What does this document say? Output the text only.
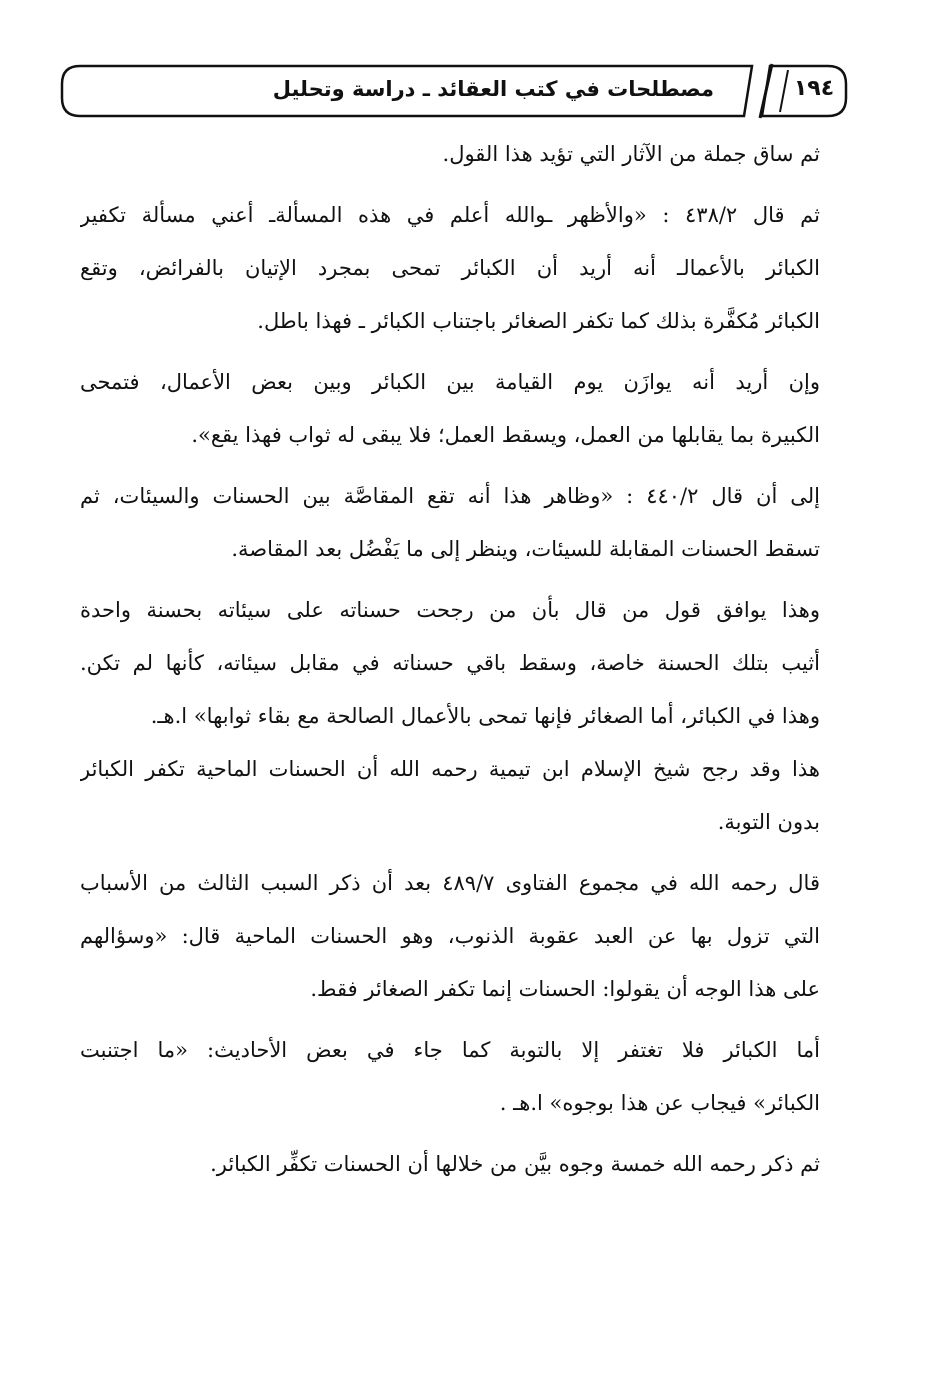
مصطلحات في كتب العقائد ـ دراسة وتحليل	١٩٤
ثم ساق جملة من الآثار التي تؤيد هذا القول.
ثم قال ٤٣٨/٢ : «والأظهر ـوالله أعلم في هذه المسألةـ أعني مسألة تكفير
الكبائر بالأعمالـ أنه أريد أن الكبائر تمحى بمجرد الإتيان بالفرائض، وتقع
الكبائر مُكفَّرة بذلك كما تكفر الصغائر باجتناب الكبائر ـ فهذا باطل.
وإن أريد أنه يوازَن يوم القيامة بين الكبائر وبين بعض الأعمال، فتمحى
الكبيرة بما يقابلها من العمل، ويسقط العمل؛ فلا يبقى له ثواب فهذا يقع».
إلى أن قال ٤٤٠/٢ : «وظاهر هذا أنه تقع المقاصَّة بين الحسنات والسيئات، ثم
تسقط الحسنات المقابلة للسيئات، وينظر إلى ما يَفْضُل بعد المقاصة.
وهذا يوافق قول من قال بأن من رجحت حسناته على سيئاته بحسنة واحدة
أثيب بتلك الحسنة خاصة، وسقط باقي حسناته في مقابل سيئاته، كأنها لم تكن.
وهذا في الكبائر، أما الصغائر فإنها تمحى بالأعمال الصالحة مع بقاء ثوابها» ا.هـ.
هذا وقد رجح شيخ الإسلام ابن تيمية رحمه الله أن الحسنات الماحية تكفر الكبائر
بدون التوبة.
قال رحمه الله في مجموع الفتاوى ٤٨٩/٧ بعد أن ذكر السبب الثالث من الأسباب
التي تزول بها عن العبد عقوبة الذنوب، وهو الحسنات الماحية قال: «وسؤالهم
على هذا الوجه أن يقولوا: الحسنات إنما تكفر الصغائر فقط.
أما الكبائر فلا تغتفر إلا بالتوبة كما جاء في بعض الأحاديث: «ما اجتنبت
الكبائر» فيجاب عن هذا بوجوه» ا.هـ .
ثم ذكر رحمه الله خمسة وجوه بيَّن من خلالها أن الحسنات تكفِّر الكبائر.
